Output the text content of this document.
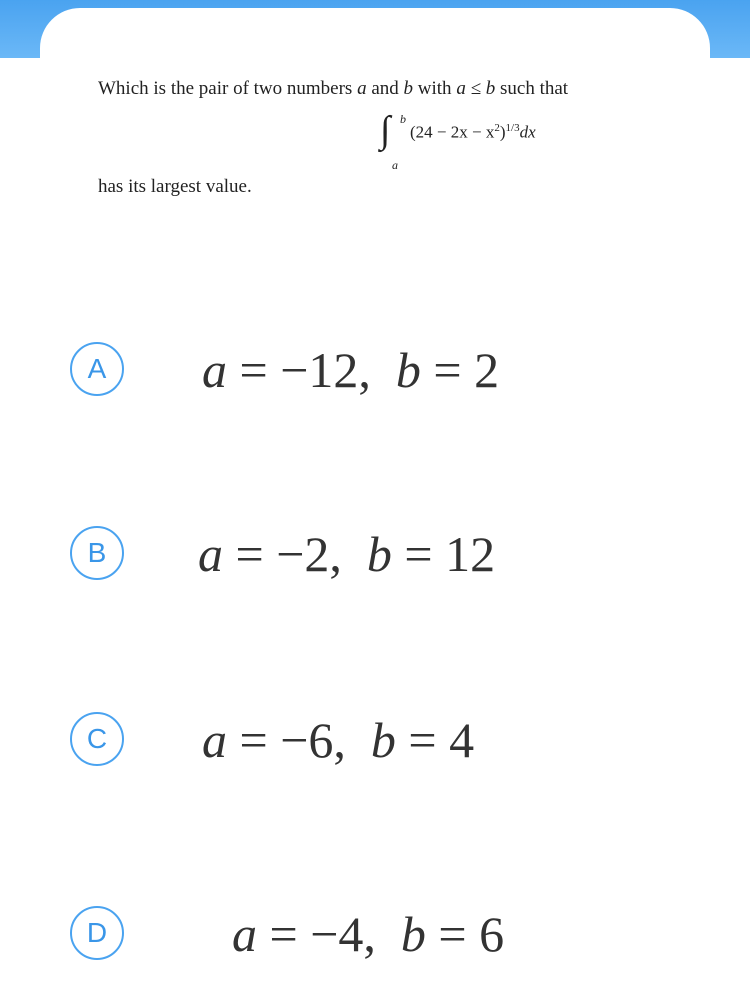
Which is the pair of two numbers a and b with a ≤ b such that

∫ b
a
$(24 - 2x - x^2)^{1/3}dx$

has its largest value.

A	a = −12, b = 2
B	a = −2, b = 12
C	a = −6, b = 4
D	a = −4, b = 6
